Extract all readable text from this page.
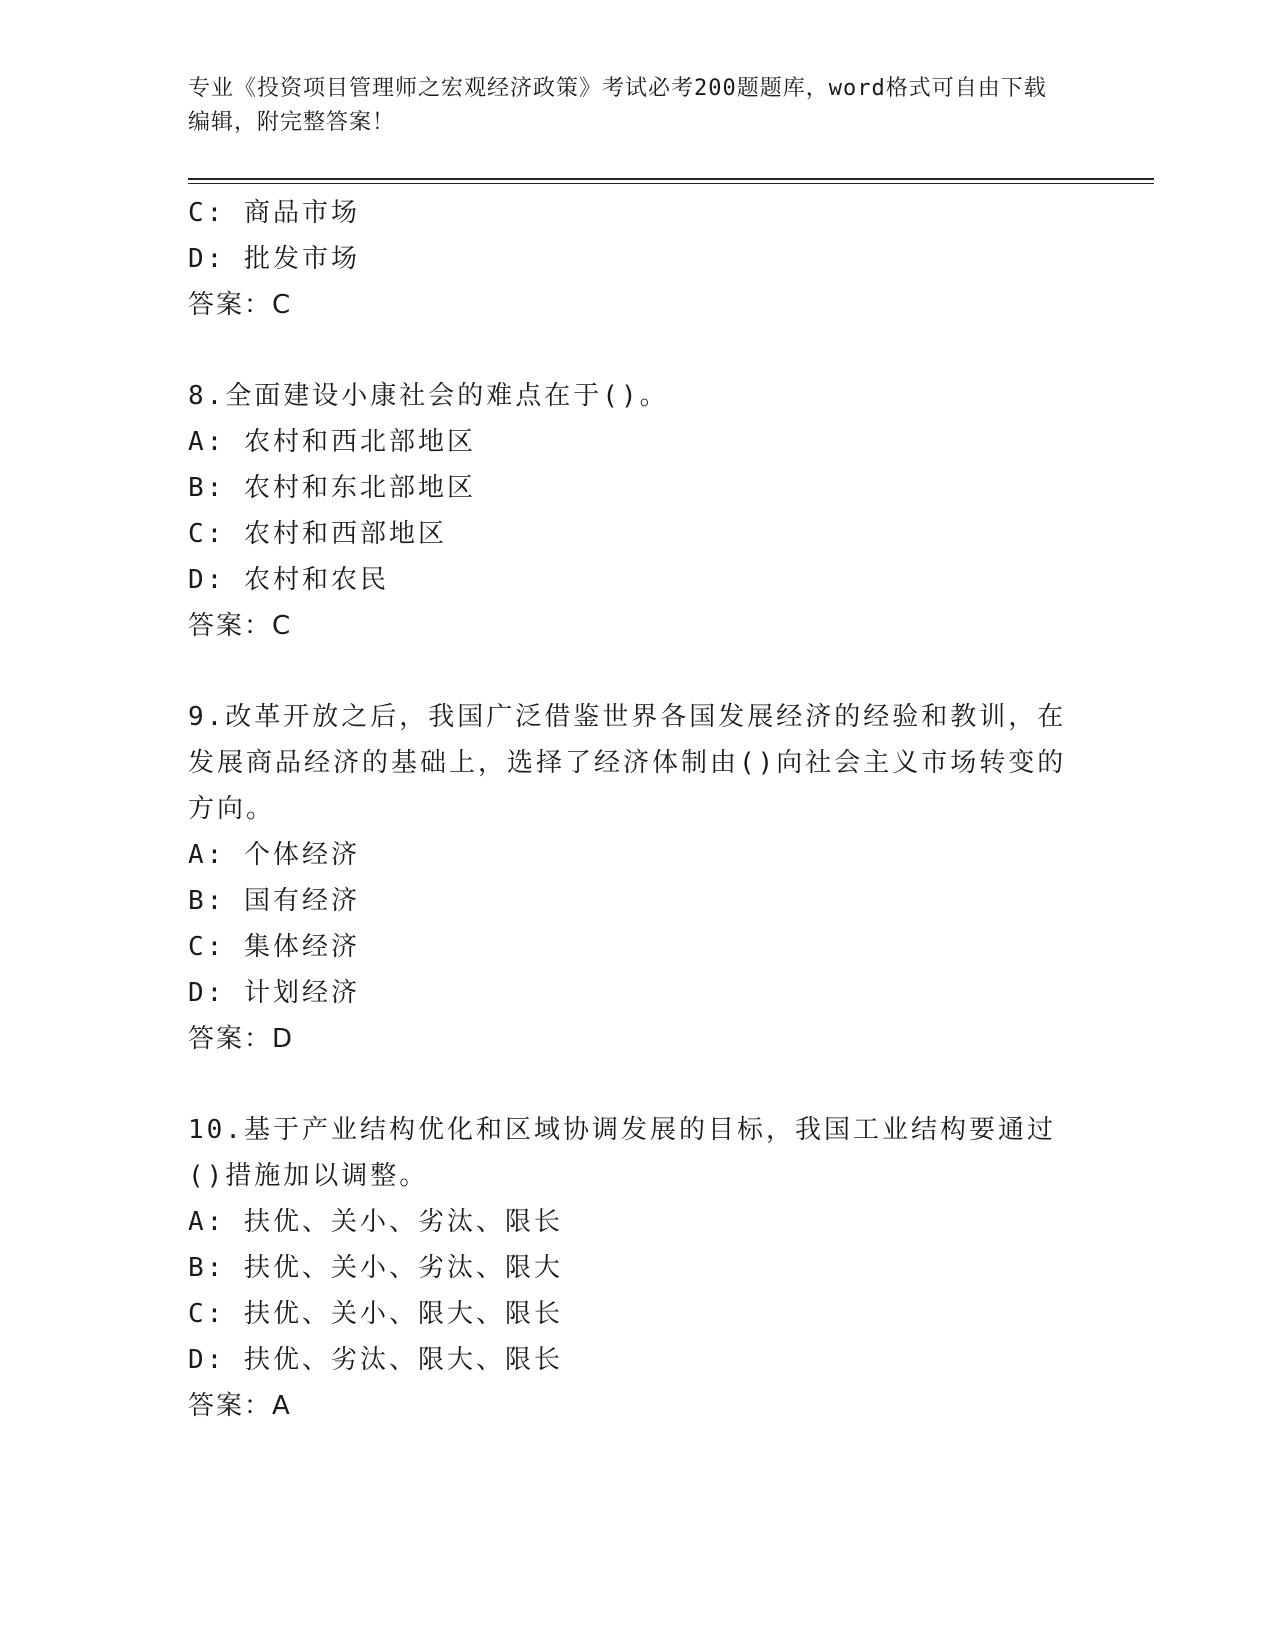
专业《投资项目管理师之宏观经济政策》考试必考200题题库，word格式可自由下载编辑，附完整答案！
C: 商品市场
D: 批发市场
答案：C
8.全面建设小康社会的难点在于()。
A: 农村和西北部地区
B: 农村和东北部地区
C: 农村和西部地区
D: 农村和农民
答案：C
9.改革开放之后，我国广泛借鉴世界各国发展经济的经验和教训，在发展商品经济的基础上，选择了经济体制由()向社会主义市场转变的方向。
A: 个体经济
B: 国有经济
C: 集体经济
D: 计划经济
答案：D
10.基于产业结构优化和区域协调发展的目标，我国工业结构要通过()措施加以调整。
A: 扶优、关小、劣汰、限长
B: 扶优、关小、劣汰、限大
C: 扶优、关小、限大、限长
D: 扶优、劣汰、限大、限长
答案：A
